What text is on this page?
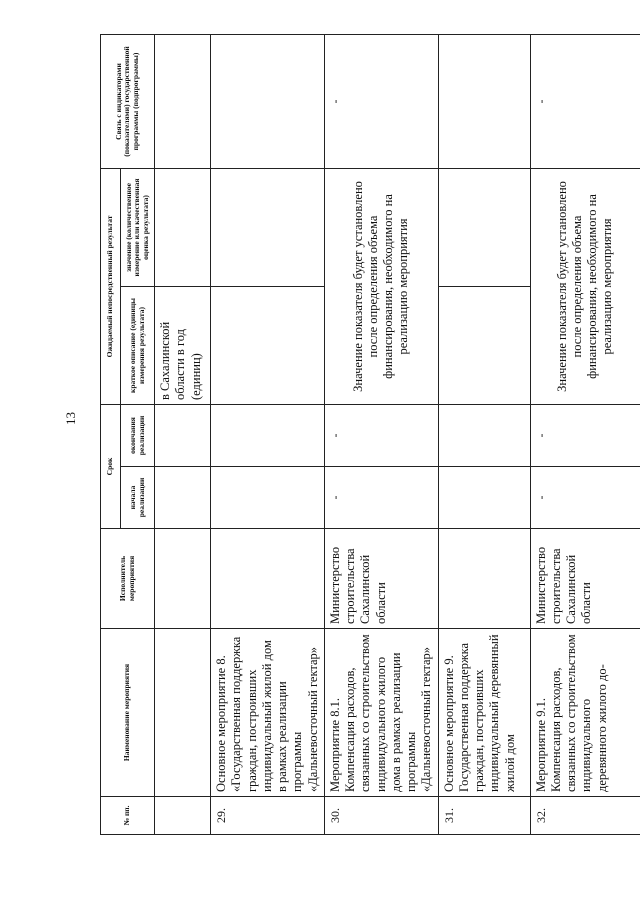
13
№ пп.	Наименование мероприятия	Исполнитель мероприятия	Срок		Ожидаемый непосредственный результат		Связь с индикаторами (показателями) государственной программы (подпрограммы)
			начала реализации	окончания реализации	краткое описание (единицы измерения результата)	значение (количественное измерение или качественная оценка результата)	
					в Сахалинской области в год (единиц)		
29.	Основное мероприятие 8. «Государственная поддержка граждан, построивших индивидуальный жилой дом в рамках реализации программы «Дальневосточный гектар»						
30.	Мероприятие 8.1. Компенсация расходов, связанных со строительством индивидуального жилого дома в рамках реализации программы «Дальневосточный гектар»	Министерство строительства Сахалинской области	-	-	Значение показателя будет установлено после определения объема финансирования, необходимого на реализацию мероприятия		-
31.	Основное мероприятие 9. Государственная поддержка граждан, построивших индивидуальный деревянный жилой дом						
32.	Мероприятие 9.1. Компенсация расходов, связанных со строительством индивидуального деревянного жилого до-	Министерство строительства Сахалинской области	-	-	Значение показателя будет установлено после определения объема финансирования, необходимого на реализацию мероприятия		-
